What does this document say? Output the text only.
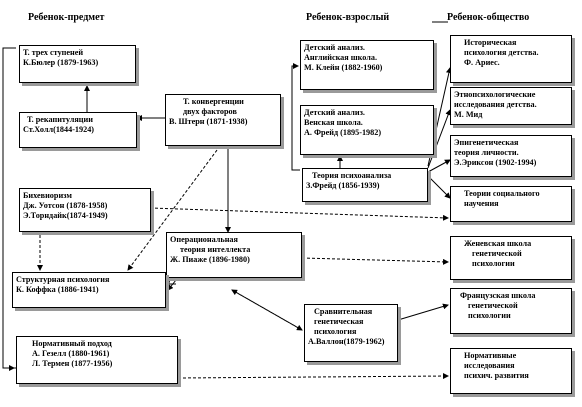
Ребенок-предмет	Ребенок-взрослый	Ребенок-общество
Т. трех ступеней
К.Бюлер (1879-1963)
Т. рекапитуляции
Ст.Холл(1844-1924)
Т. конвергенции
двух факторов
В. Штерн (1871-1938)
Бихевиоризм
Дж. Уотсон (1878-1958)
Э.Торндайк(1874-1949)
Операциональная
теория интеллекта
Ж. Пиаже (1896-1980)
Структурная психология
К. Коффка (1886-1941)
Сравнительная
генетическая
психология
А.Валлон(1879-1962)
Нормативный подход
А. Гезелл (1880-1961)
Л. Термен (1877-1956)
Детский анализ.
Английская школа.
М. Клейн (1882-1960)
Детский анализ.
Венская школа.
А. Фрейд (1895-1982)
Теория психоанализа
З.Фрейд (1856-1939)
Историческая
психология детства.
Ф. Ариес.
Этнопсихологические
исследования детства.
М. Мид
Эпигенетическая
теория личности.
Э.Эриксон (1902-1994)
Теории социального
научения
Женевская школа
генетической
психологии
Французская школа
генетической
психологии
Нормативные
исследования
психич. развития
